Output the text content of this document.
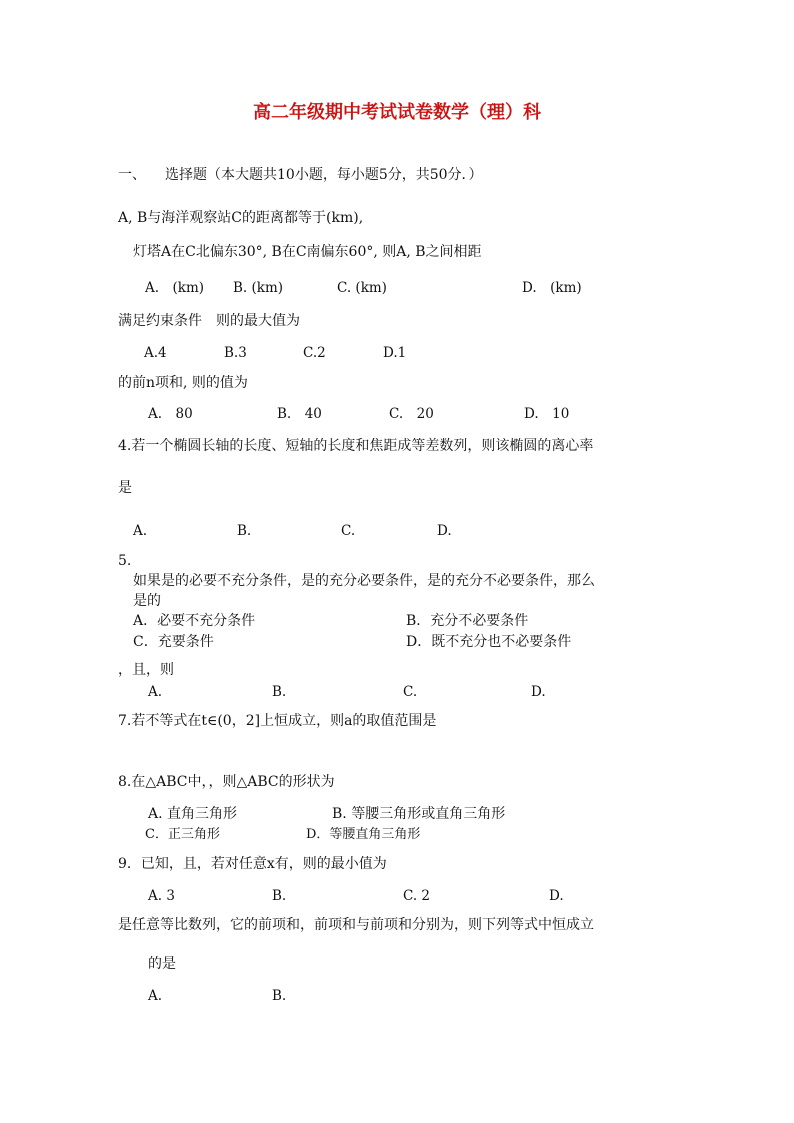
高二年级期中考试试卷数学（理）科
一、 选择题（本大题共10小题，每小题5分，共50分．）
A, B与海洋观察站C的距离都等于(km),
灯塔A在C北偏东30°, B在C南偏东60°, 则A, B之间相距
A.　(km) B. (km)	C. (km)	D.　(km)
满足约束条件　则的最大值为
A.4	B.3	C.2	D.1
的前n项和, 则的值为
A.　80	B.　40	C.　20	D.　10
4.若一个椭圆长轴的长度、短轴的长度和焦距成等差数列，则该椭圆的离心率
是
A.	B.	C.	D.
5.
如果是的必要不充分条件，是的充分必要条件，是的充分不必要条件，那么
是的
A．必要不充分条件	B．充分不必要条件
C．充要条件	D．既不充分也不必要条件
，且，则
A.	B.	C.	D.
7.若不等式在t∈(0，2]上恒成立，则a的取值范围是
8.在△ABC中，，则△ABC的形状为
A. 直角三角形	B. 等腰三角形或直角三角形
C．正三角形	D．等腰直角三角形
9．已知，且，若对任意x有，则的最小值为
A. 3	B.	C. 2	D.
是任意等比数列，它的前项和，前项和与前项和分别为，则下列等式中恒成立
的是
A.	B.
